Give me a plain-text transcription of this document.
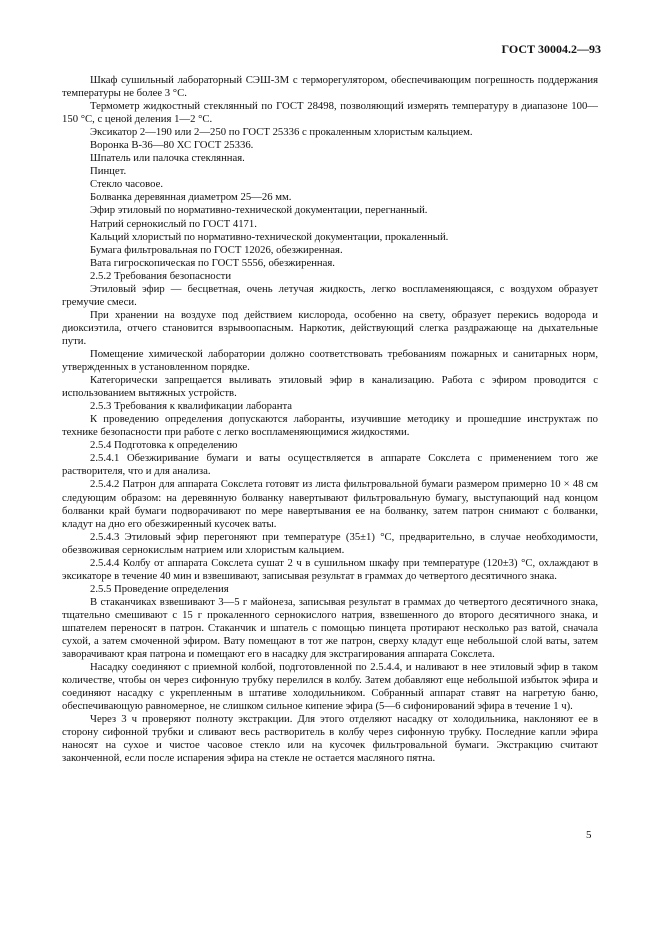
ГОСТ 30004.2—93

Шкаф сушильный лабораторный СЭШ-3М с терморегулятором, обеспечивающим погрешность поддержания температуры не более 3 °С.

Термометр жидкостный стеклянный по ГОСТ 28498, позволяющий измерять температуру в диапазоне 100—150 °С, с ценой деления 1—2 °С.

Эксикатор 2—190 или 2—250 по ГОСТ 25336 с прокаленным хлористым кальцием.

Воронка В-36—80 ХС ГОСТ 25336.

Шпатель или палочка стеклянная.

Пинцет.

Стекло часовое.

Болванка деревянная диаметром 25—26 мм.

Эфир этиловый по нормативно-технической документации, перегнанный.

Натрий сернокислый по ГОСТ 4171.

Кальций хлористый по нормативно-технической документации, прокаленный.

Бумага фильтровальная по ГОСТ 12026, обезжиренная.

Вата гигроскопическая по ГОСТ 5556, обезжиренная.

2.5.2 Требования безопасности

Этиловый эфир — бесцветная, очень летучая жидкость, легко воспламеняющаяся, с воздухом образует гремучие смеси.

При хранении на воздухе под действием кислорода, особенно на свету, образует перекись водорода и диоксиэтила, отчего становится взрывоопасным. Наркотик, действующий слегка раздражающе на дыхательные пути.

Помещение химической лаборатории должно соответствовать требованиям пожарных и санитарных норм, утвержденных в установленном порядке.

Категорически запрещается выливать этиловый эфир в канализацию. Работа с эфиром проводится с использованием вытяжных устройств.

2.5.3 Требования к квалификации лаборанта

К проведению определения допускаются лаборанты, изучившие методику и прошедшие инструктаж по технике безопасности при работе с легко воспламеняющимися жидкостями.

2.5.4 Подготовка к определению

2.5.4.1 Обезжиривание бумаги и ваты осуществляется в аппарате Сокслета с применением того же растворителя, что и для анализа.

2.5.4.2 Патрон для аппарата Сокслета готовят из листа фильтровальной бумаги размером примерно 10 × 48 см следующим образом: на деревянную болванку навертывают фильтровальную бумагу, выступающий над концом болванки край бумаги подворачивают по мере навертывания ее на болванку, затем патрон снимают с болванки, кладут на дно его обезжиренный кусочек ваты.

2.5.4.3 Этиловый эфир перегоняют при температуре (35±1) °С, предварительно, в случае необходимости, обезвоживая сернокислым натрием или хлористым кальцием.

2.5.4.4 Колбу от аппарата Сокслета сушат 2 ч в сушильном шкафу при температуре (120±3) °С, охлаждают в эксикаторе в течение 40 мин и взвешивают, записывая результат в граммах до четвертого десятичного знака.

2.5.5 Проведение определения

В стаканчиках взвешивают 3—5 г майонеза, записывая результат в граммах до четвертого десятичного знака, тщательно смешивают с 15 г прокаленного сернокислого натрия, взвешенного до второго десятичного знака, и шпателем переносят в патрон. Стаканчик и шпатель с помощью пинцета протирают несколько раз ватой, сначала сухой, а затем смоченной эфиром. Вату помещают в тот же патрон, сверху кладут еще небольшой слой ваты, затем заворачивают края патрона и помещают его в насадку для экстрагирования аппарата Сокслета.

Насадку соединяют с приемной колбой, подготовленной по 2.5.4.4, и наливают в нее этиловый эфир в таком количестве, чтобы он через сифонную трубку перелился в колбу. Затем добавляют еще небольшой избыток эфира и соединяют насадку с укрепленным в штативе холодильником. Собранный аппарат ставят на нагретую баню, обеспечивающую равномерное, не слишком сильное кипение эфира (5—6 сифонирований эфира в течение 1 ч).

Через 3 ч проверяют полноту экстракции. Для этого отделяют насадку от холодильника, наклоняют ее в сторону сифонной трубки и сливают весь растворитель в колбу через сифонную трубку. Последние капли эфира наносят на сухое и чистое часовое стекло или на кусочек фильтровальной бумаги. Экстракцию считают законченной, если после испарения эфира на стекле не остается масляного пятна.

5
